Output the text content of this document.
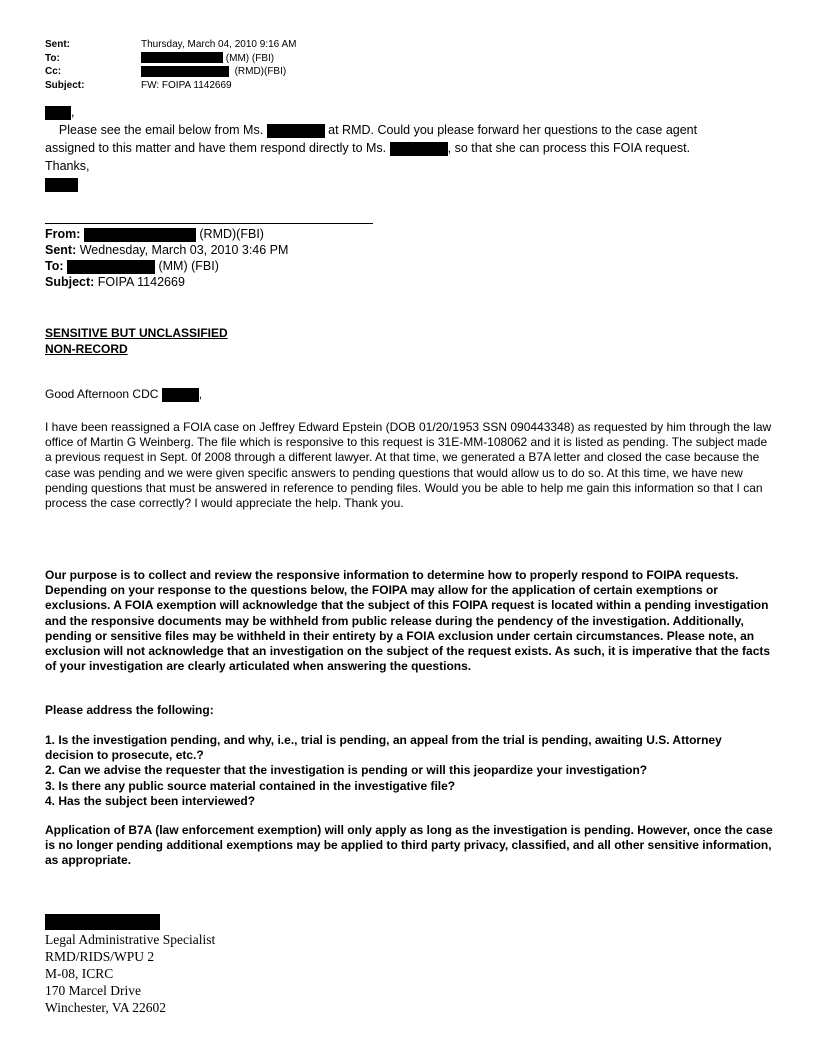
Sent:	Thursday, March 04, 2010 9:16 AM
To:	(MM) (FBI)
Cc:	(RMD)(FBI)
Subject:	FW: FOIPA 1142669

,

Please see the email below from Ms.	at RMD. Could you please forward her questions to the case agent

assigned to this matter and have them respond directly to Ms.	, so that she can process this FOIA request.

Thanks,

From:	(RMD)(FBI)
Sent: Wednesday, March 03, 2010 3:46 PM
To:	(MM) (FBI)
Subject: FOIPA 1142669
SENSITIVE BUT UNCLASSIFIED
NON-RECORD
Good Afternoon CDC	,

I have been reassigned a FOIA case on Jeffrey Edward Epstein (DOB 01/20/1953 SSN 090443348) as requested by him through the law office of Martin G Weinberg. The file which is responsive to this request is 31E-MM-108062 and it is listed as pending. The subject made a previous request in Sept. 0f 2008 through a different lawyer. At that time, we generated a B7A letter and closed the case because the case was pending and we were given specific answers to pending questions that would allow us to do so. At this time, we have new pending questions that must be answered in reference to pending files. Would you be able to help me gain this information so that I can process the case correctly? I would appreciate the help. Thank you.

Our purpose is to collect and review the responsive information to determine how to properly respond to FOIPA requests. Depending on your response to the questions below, the FOIPA may allow for the application of certain exemptions or exclusions. A FOIA exemption will acknowledge that the subject of this FOIPA request is located within a pending investigation and the responsive documents may be withheld from public release during the pendency of the investigation. Additionally, pending or sensitive files may be withheld in their entirety by a FOIA exclusion under certain circumstances. Please note, an exclusion will not acknowledge that an investigation on the subject of the request exists. As such, it is imperative that the facts of your investigation are clearly articulated when answering the questions.

Please address the following:

1. Is the investigation pending, and why, i.e., trial is pending, an appeal from the trial is pending, awaiting U.S. Attorney decision to prosecute, etc.?
2. Can we advise the requester that the investigation is pending or will this jeopardize your investigation?
3. Is there any public source material contained in the investigative file?
4. Has the subject been interviewed?

Application of B7A (law enforcement exemption) will only apply as long as the investigation is pending. However, once the case is no longer pending additional exemptions may be applied to third party privacy, classified, and all other sensitive information, as appropriate.

Legal Administrative Specialist
RMD/RIDS/WPU 2
M-08, ICRC
170 Marcel Drive
Winchester, VA 22602
